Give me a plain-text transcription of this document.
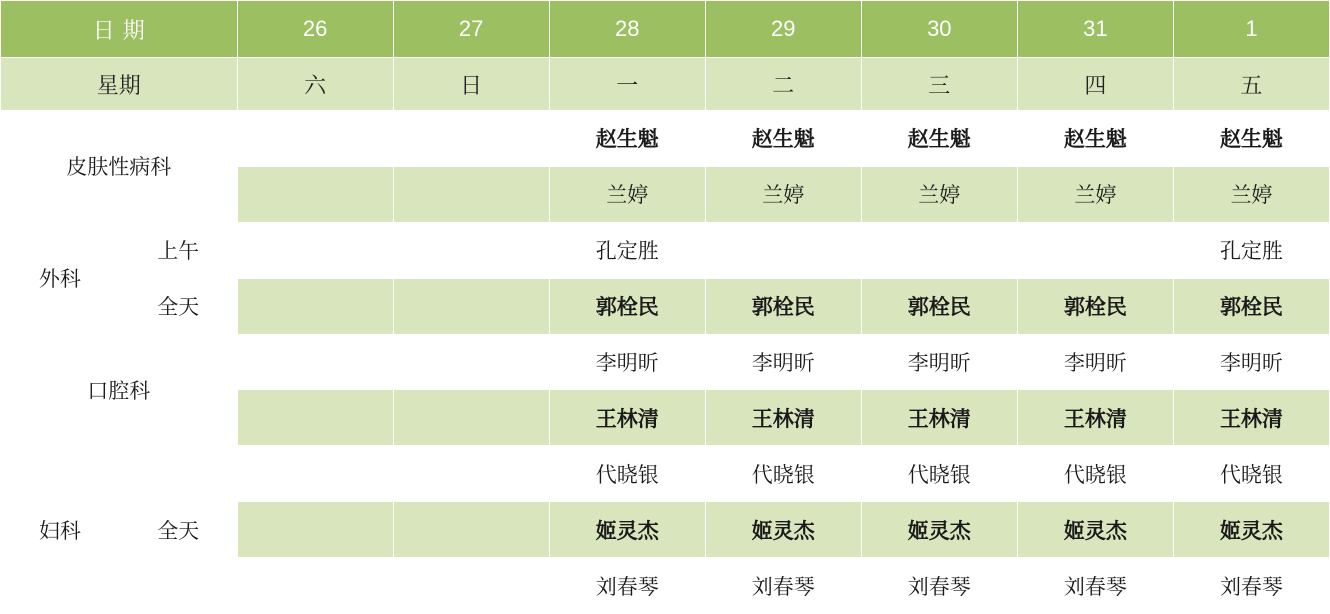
日期		26	27	28	29	30	31	1
星期		六	日	一	二	三	四	五
皮肤性病科				赵生魁	赵生魁	赵生魁	赵生魁	赵生魁
				兰婷	兰婷	兰婷	兰婷	兰婷
外科	上午			孔定胜				孔定胜
	全天			郭栓民	郭栓民	郭栓民	郭栓民	郭栓民
口腔科				李明昕	李明昕	李明昕	李明昕	李明昕
				王林清	王林清	王林清	王林清	王林清
妇科	全天			代晓银	代晓银	代晓银	代晓银	代晓银
				姬灵杰	姬灵杰	姬灵杰	姬灵杰	姬灵杰
				刘春琴	刘春琴	刘春琴	刘春琴	刘春琴
